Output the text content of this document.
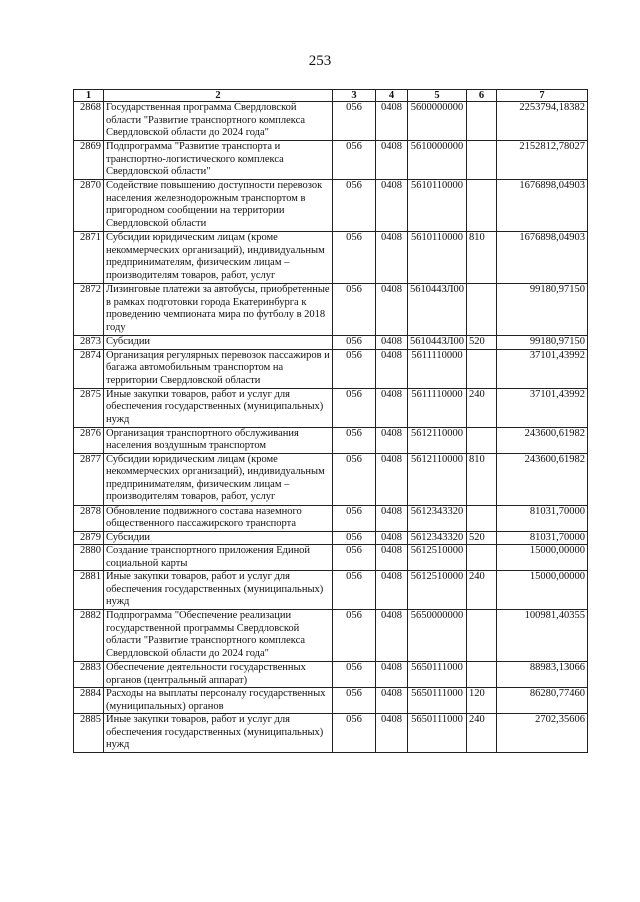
253
1	2	3	4	5	6	7
2868	Государственная программа Свердловской области "Развитие транспортного комплекса Свердловской области до 2024 года"	056	0408	5600000000		2253794,18382
2869	Подпрограмма "Развитие транспорта и транспортно-логистического комплекса Свердловской области"	056	0408	5610000000		2152812,78027
2870	Содействие повышению доступности перевозок населения железнодорожным транспортом в пригородном сообщении на территории Свердловской области	056	0408	5610110000		1676898,04903
2871	Субсидии юридическим лицам (кроме некоммерческих организаций), индивидуальным предпринимателям, физическим лицам – производителям товаров, работ, услуг	056	0408	5610110000	810	1676898,04903
2872	Лизинговые платежи за автобусы, приобретенные в рамках подготовки города Екатеринбурга к проведению чемпионата мира по футболу в 2018 году	056	0408	561044ЗЛ00		99180,97150
2873	Субсидии	056	0408	561044ЗЛ00	520	99180,97150
2874	Организация регулярных перевозок пассажиров и багажа автомобильным транспортом на территории Свердловской области	056	0408	5611110000		37101,43992
2875	Иные закупки товаров, работ и услуг для обеспечения государственных (муниципальных) нужд	056	0408	5611110000	240	37101,43992
2876	Организация транспортного обслуживания населения воздушным транспортом	056	0408	5612110000		243600,61982
2877	Субсидии юридическим лицам (кроме некоммерческих организаций), индивидуальным предпринимателям, физическим лицам – производителям товаров, работ, услуг	056	0408	5612110000	810	243600,61982
2878	Обновление подвижного состава наземного общественного пассажирского транспорта	056	0408	5612343320		81031,70000
2879	Субсидии	056	0408	5612343320	520	81031,70000
2880	Создание транспортного приложения Единой социальной карты	056	0408	5612510000		15000,00000
2881	Иные закупки товаров, работ и услуг для обеспечения государственных (муниципальных) нужд	056	0408	5612510000	240	15000,00000
2882	Подпрограмма "Обеспечение реализации государственной программы Свердловской области "Развитие транспортного комплекса Свердловской области до 2024 года"	056	0408	5650000000		100981,40355
2883	Обеспечение деятельности государственных органов (центральный аппарат)	056	0408	5650111000		88983,13066
2884	Расходы на выплаты персоналу государственных (муниципальных) органов	056	0408	5650111000	120	86280,77460
2885	Иные закупки товаров, работ и услуг для обеспечения государственных (муниципальных) нужд	056	0408	5650111000	240	2702,35606
